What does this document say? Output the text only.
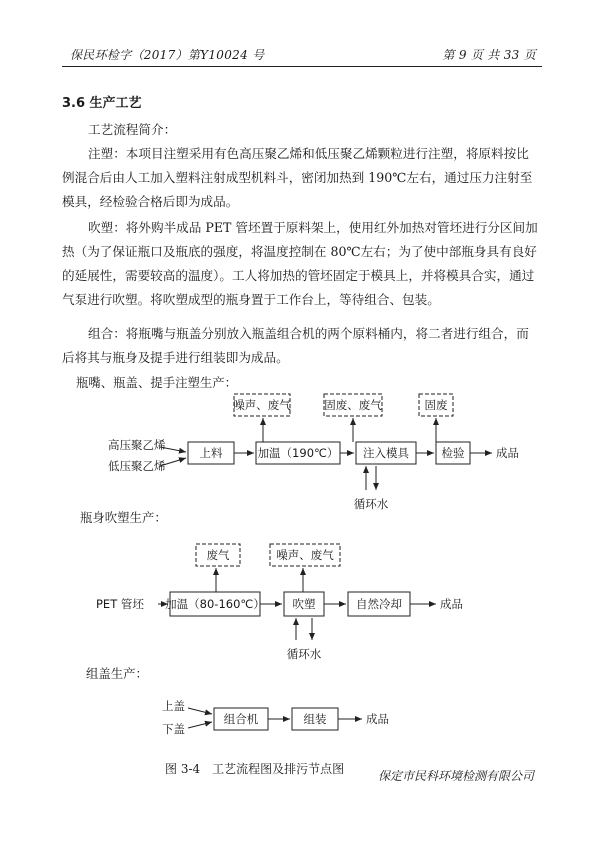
保民环检字（2017）第Y10024 号	第 9 页 共 33 页
3.6 生产工艺
工艺流程简介：
注塑：本项目注塑采用有色高压聚乙烯和低压聚乙烯颗粒进行注塑，将原料按比例混合后由人工加入塑料注射成型机料斗，密闭加热到 190℃左右，通过压力注射至模具，经检验合格后即为成品。
吹塑：将外购半成品 PET 管坯置于原料架上，使用红外加热对管坯进行分区间加热（为了保证瓶口及瓶底的强度，将温度控制在 80℃左右；为了使中部瓶身具有良好的延展性，需要较高的温度）。工人将加热的管坯固定于模具上，并将模具合实，通过气泵进行吹塑。将吹塑成型的瓶身置于工作台上，等待组合、包装。
组合：将瓶嘴与瓶盖分别放入瓶盖组合机的两个原料桶内，将二者进行组合，而后将其与瓶身及提手进行组装即为成品。
瓶嘴、瓶盖、提手注塑生产：
瓶身吹塑生产：
组盖生产：
高压聚乙烯
低压聚乙烯
上料	加温（190℃） 注入模具	检验	成品
噪声、废气	固废、废气	固废
循环水
PET 管坯 加温（80-160℃） 吹塑	自然冷却	成品
废气	噪声、废气
循环水
上盖
下盖
组合机	组装	成品
图 3-4　工艺流程图及排污节点图	保定市民科环境检测有限公司
